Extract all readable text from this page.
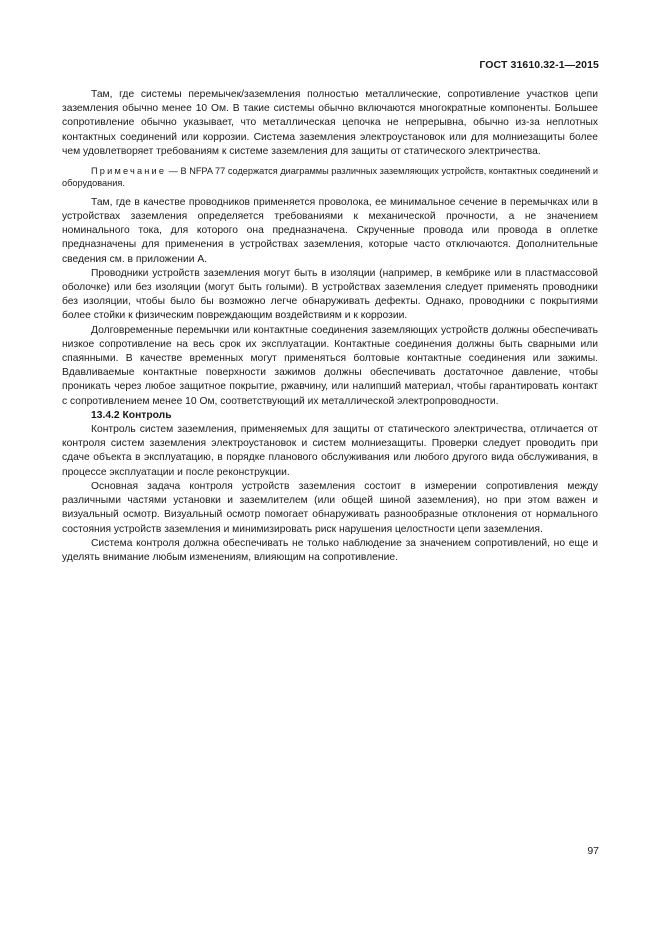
ГОСТ 31610.32-1—2015

Там, где системы перемычек/заземления полностью металлические, сопротивление участков цепи заземления обычно менее 10 Ом. В такие системы обычно включаются многократные компоненты. Большее сопротивление обычно указывает, что металлическая цепочка не непрерывна, обычно из-за неплотных контактных соединений или коррозии. Система заземления электроустановок или для молниезащиты более чем удовлетворяет требованиям к системе заземления для защиты от статического электричества.

Примечание — В NFPA 77 содержатся диаграммы различных заземляющих устройств, контактных соединений и оборудования.

Там, где в качестве проводников применяется проволока, ее минимальное сечение в перемычках или в устройствах заземления определяется требованиями к механической прочности, а не значением номинального тока, для которого она предназначена. Скрученные провода или провода в оплетке предназначены для применения в устройствах заземления, которые часто отключаются. Дополнительные сведения см. в приложении А.

Проводники устройств заземления могут быть в изоляции (например, в кембрике или в пластмассовой оболочке) или без изоляции (могут быть голыми). В устройствах заземления следует применять проводники без изоляции, чтобы было бы возможно легче обнаруживать дефекты. Однако, проводники с покрытиями более стойки к физическим повреждающим воздействиям и к коррозии.

Долговременные перемычки или контактные соединения заземляющих устройств должны обеспечивать низкое сопротивление на весь срок их эксплуатации. Контактные соединения должны быть сварными или спаянными. В качестве временных могут применяться болтовые контактные соединения или зажимы. Вдавливаемые контактные поверхности зажимов должны обеспечивать достаточное давление, чтобы проникать через любое защитное покрытие, ржавчину, или налипший материал, чтобы гарантировать контакт с сопротивлением менее 10 Ом, соответствующий их металлической электропроводности.

13.4.2 Контроль

Контроль систем заземления, применяемых для защиты от статического электричества, отличается от контроля систем заземления электроустановок и систем молниезащиты. Проверки следует проводить при сдаче объекта в эксплуатацию, в порядке планового обслуживания или любого другого вида обслуживания, в процессе эксплуатации и после реконструкции.

Основная задача контроля устройств заземления состоит в измерении сопротивления между различными частями установки и заземлителем (или общей шиной заземления), но при этом важен и визуальный осмотр. Визуальный осмотр помогает обнаруживать разнообразные отклонения от нормального состояния устройств заземления и минимизировать риск нарушения целостности цепи заземления.

Система контроля должна обеспечивать не только наблюдение за значением сопротивлений, но еще и уделять внимание любым изменениям, влияющим на сопротивление.

97
